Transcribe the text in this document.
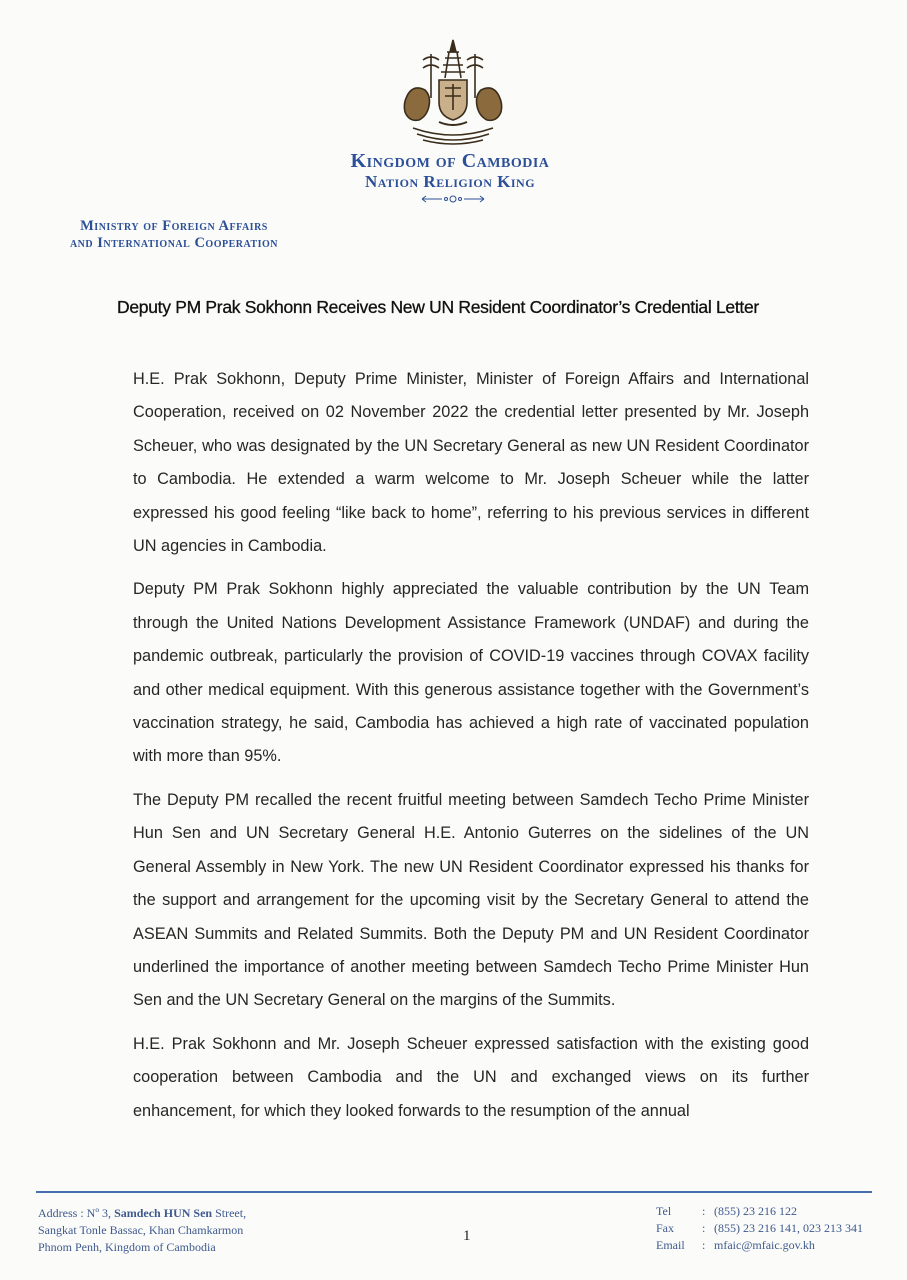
Kingdom of Cambodia
Nation Religion King
Ministry of Foreign Affairs
and International Cooperation
Deputy PM Prak Sokhonn Receives New UN Resident Coordinator’s Credential Letter

H.E. Prak Sokhonn, Deputy Prime Minister, Minister of Foreign Affairs and International Cooperation, received on 02 November 2022 the credential letter presented by Mr. Joseph Scheuer, who was designated by the UN Secretary General as new UN Resident Coordinator to Cambodia. He extended a warm welcome to Mr. Joseph Scheuer while the latter expressed his good feeling “like back to home”, referring to his previous services in different UN agencies in Cambodia.

Deputy PM Prak Sokhonn highly appreciated the valuable contribution by the UN Team through the United Nations Development Assistance Framework (UNDAF) and during the pandemic outbreak, particularly the provision of COVID-19 vaccines through COVAX facility and other medical equipment. With this generous assistance together with the Government’s vaccination strategy, he said, Cambodia has achieved a high rate of vaccinated population with more than 95%.

The Deputy PM recalled the recent fruitful meeting between Samdech Techo Prime Minister Hun Sen and UN Secretary General H.E. Antonio Guterres on the sidelines of the UN General Assembly in New York. The new UN Resident Coordinator expressed his thanks for the support and arrangement for the upcoming visit by the Secretary General to attend the ASEAN Summits and Related Summits. Both the Deputy PM and UN Resident Coordinator underlined the importance of another meeting between Samdech Techo Prime Minister Hun Sen and the UN Secretary General on the margins of the Summits.

H.E. Prak Sokhonn and Mr. Joseph Scheuer expressed satisfaction with the existing good cooperation between Cambodia and the UN and exchanged views on its further enhancement, for which they looked forwards to the resumption of the annual

Address : Nº 3, Samdech HUN Sen Street,
Sangkat Tonle Bassac, Khan Chamkarmon
Phnom Penh, Kingdom of Cambodia
1
Tel	: (855) 23 216 122
Fax	: (855) 23 216 141, 023 213 341
Email	: mfaic@mfaic.gov.kh
